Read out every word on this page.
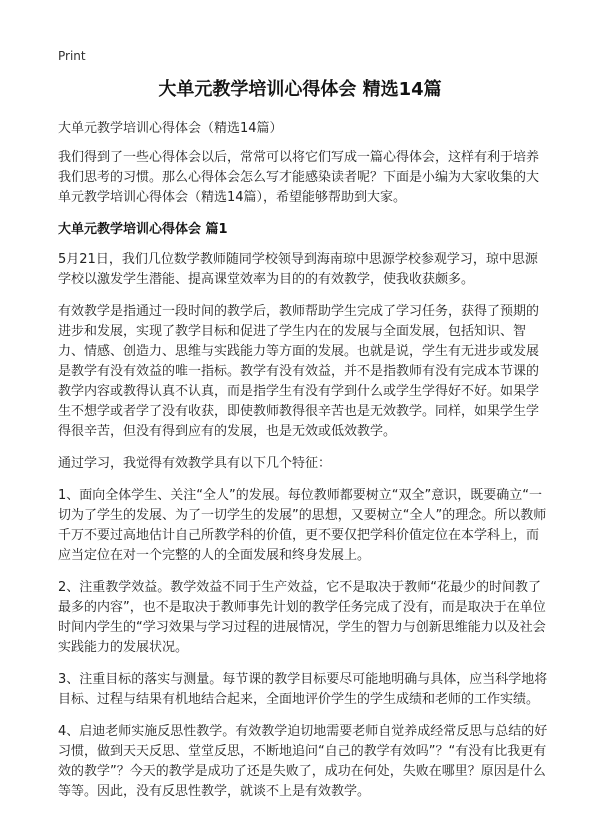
Print
大单元教学培训心得体会 精选14篇

大单元教学培训心得体会（精选14篇）

我们得到了一些心得体会以后，常常可以将它们写成一篇心得体会，这样有利于培养我们思考的习惯。那么心得体会怎么写才能感染读者呢？下面是小编为大家收集的大单元教学培训心得体会（精选14篇），希望能够帮助到大家。

大单元教学培训心得体会 篇1

5月21日，我们几位数学教师随同学校领导到海南琼中思源学校参观学习，琼中思源学校以激发学生潜能、提高课堂效率为目的的有效教学，使我收获颇多。

有效教学是指通过一段时间的教学后，教师帮助学生完成了学习任务，获得了预期的进步和发展，实现了教学目标和促进了学生内在的发展与全面发展，包括知识、智力、情感、创造力、思维与实践能力等方面的发展。也就是说，学生有无进步或发展是教学有没有效益的唯一指标。教学有没有效益，并不是指教师有没有完成本节课的教学内容或教得认真不认真，而是指学生有没有学到什么或学生学得好不好。如果学生不想学或者学了没有收获，即使教师教得很辛苦也是无效教学。同样，如果学生学得很辛苦，但没有得到应有的发展，也是无效或低效教学。

通过学习，我觉得有效教学具有以下几个特征：

1、面向全体学生、关注“全人”的发展。每位教师都要树立“双全”意识，既要确立“一切为了学生的发展、为了一切学生的发展”的思想，又要树立“全人”的理念。所以教师千万不要过高地估计自己所教学科的价值，更不要仅把学科价值定位在本学科上，而应当定位在对一个完整的人的全面发展和终身发展上。

2、注重教学效益。教学效益不同于生产效益，它不是取决于教师“花最少的时间教了最多的内容”，也不是取决于教师事先计划的教学任务完成了没有，而是取决于在单位时间内学生的“学习效果与学习过程的进展情况，学生的智力与创新思维能力以及社会实践能力的发展状况。

3、注重目标的落实与测量。每节课的教学目标要尽可能地明确与具体，应当科学地将目标、过程与结果有机地结合起来，全面地评价学生的学生成绩和老师的工作实绩。

4、启迪老师实施反思性教学。有效教学迫切地需要老师自觉养成经常反思与总结的好习惯，做到天天反思、堂堂反思，不断地追问“自己的教学有效吗”？“有没有比我更有效的教学”？今天的教学是成功了还是失败了，成功在何处，失败在哪里？原因是什么等等。因此，没有反思性教学，就谈不上是有效教学。
